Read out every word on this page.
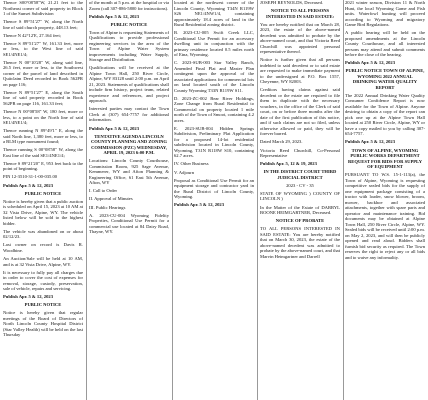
Thence S00°08'58"W, 21.21 feet to the Northeast corner of said property in Block 1 of the Sunset Subdivision

Thence S 89°51'27" W, along the North line of said church property, 448.13 feet;

Thence N 42°12'E, 27.164 feet;

Thence S 89°51'27" W, 161.33 feet, more or less, to the West line of said SE1/4NE1/4;

Thence N 00°10'28" W, along said line, 26.5 feet, more or less, to the Southwest corner of the parcel of land described in Quitclaim Deed recorded in Book 562PR on page 116;

Thence N 89°51'27" E, along the South line of said property recorded in Book 562PR on page 116, 161.33 feet;

Thence N 00°08'58" W, 180 feet, more or less, to a point on the North line of said SE1/4NE1/4;

Thence running N 89°49'1" E, along the said North line, 1,380 feet, more or less, to a BLM type monument found;

Thence running S 00°08'58" W, along the East line of the said SE1/4NE1/4;

Thence S 89°21'20" E, 953 feet back to the point of beginning.

PIN 12-3510-31-1-00-035.00

Publish Apr. 5 & 12, 2023

PUBLIC NOTICE

Notice is hereby given that a public auction is scheduled on April 15, 2023 at 10 AM at 32 Vista Drive, Alpine, WY. The vehicle listed below will be sold to the highest bidder.

The vehicle was abandoned on or about 02/12/23.

Last owner on record is Davis R. Woodbine.

An Auction/Sale will be held at 10 AM, and is at 32 Vista Drive, Alpine, WY.

It is necessary to fully pay all charges due in order to cover the cost of expenses for removal, storage, custody, preservation, sale of vehicle, repairs and servicing.

Publish Apr. 5 & 12, 2023

PUBLIC NOTICE

Notice is hereby given that regular meetings of the Board of Directors of North Lincoln County Hospital District (Star Valley Health) will be held on the last Thursday

of the month at 5 p.m. at the hospital or via Zoom (call 307-886-5800 for instructions).

Publish Apr. 5 & 12, 2023

PUBLIC NOTICE

Town of Alpine is requesting Statements of Qualifications to provide professional engineering services in the area of the Town of Alpine Water System improvements including Water Supply, Storage and Distribution.

Qualifications will be received at the Alpine Town Hall, 250 River Circle, Alpine, WY 83128 until 2:00 p.m. on April 21, 2023. Statements of qualifications shall include firm history, project team, related experience and references, and project approach.

Interested parties may contact the Town Clerk at (307) 654-7757 for additional information.

Publish Apr. 5 & 12, 2023

TENTATIVE AGENDA LINCOLN COUNTY PLANNING AND ZONING COMMISSION (PZC) WEDNESDAY, APRIL 19, 2023 6:00 P.M.

Locations: Lincoln County Courthouse, Commission Room, 925 Sage Avenue, Kemmerer, WY and Afton Planning & Engineering Office, 61 East 5th Avenue, Afton, WY

I. Call to Order

II. Approval of Minutes

III. Public Hearings

A. 2023-CU-004 Wyoming Fidelity Properties, Conditional Use Permit for a commercial use located at 84 Dairy Road, Thayne, WY.

located at the northwest corner of the Lincoln County, Wyoming T34N R119W S26 NE1/4NW1/4, containing approximately 18.4 acres of land in the Rural Residential zoning district.

B. 2023-CU-005 Swift Creek LLC, Conditional Use Permit for an accessory dwelling unit in conjunction with the primary residence located 0.5 miles north of Etna, Wyoming.

C. 2023-SUB-003 Star Valley Ranch, Amended Final Plat and Master Plan contingent upon the approval of the associated applications for commercial lots on land located south of the Lincoln County Wyoming T33N R119W S11.

D. 2023-ZC-002 Bear River Holdings, Zone Change from Rural Residential to Commercial on property located 1 mile north of the Town of Smoot, containing 4.2 acres.

E. 2023-SUB-004 Hidden Springs Subdivision, Preliminary Plat Application for a proposed 14-lot residential subdivision located in Lincoln County, Wyoming, T31N R118W S10, containing 62.7 acres.

IV. Other Business

V. Adjourn

Proposal as Conditional Use Permit for an equipment storage and contractor yard in the Rural District of Lincoln County, Wyoming.

Publish Apr. 5 & 12, 2023

JOSEPH REYNOLDS, Deceased.

NOTICE TO ALL PERSONS INTERESTED IN SAID ESTATE:

You are hereby notified that on March 28, 2023, the estate of the above-named decedent was admitted to probate by the above-named court, and that Victoria Reed Churchill was appointed personal representative thereof.

Notice is further given that all persons indebted to said decedent or to said estate are requested to make immediate payment to the undersigned at P.O. Box 1557, Cheyenne, WY 82003.

Creditors having claims against said decedent or the estate are required to file them in duplicate with the necessary vouchers, in the office of the Clerk of said court, on or before three months after the date of the first publication of this notice, and if such claims are not so filed, unless otherwise allowed or paid, they will be forever barred.

Dated March 29, 2023.

Victoria Reed Churchill, Co-Personal Representative

Publish Apr. 5, 12 & 19, 2023

IN THE DISTRICT COURT THIRD JUDICIAL DISTRICT

2023 - CV - 35

STATE OF WYOMING ) COUNTY OF LINCOLN )

In the Matter of the Estate of DARRYL BOONE HEIMGARTNER, Deceased.

NOTICE OF PROBATE

TO ALL PERSONS INTERESTED IN SAID ESTATE: You are hereby notified that on March 30, 2023, the estate of the above-named decedent was admitted to probate by the above-named court, and that Marvin Heimgartner and Darrell

2021 winter season, Division 11 & North Hunt, the local Wyoming Game and Fish units. Waterfowl hunting will proceed according to Wyoming and migratory Game Bird Regulations.

A public hearing will be held on the proposed amendments at the Lincoln County Courthouse, and all interested persons may attend and submit comments before the close of the hearing.

Publish Apr. 5 & 12, 2023

PUBLIC NOTICE TOWN OF ALPINE, WYOMING 2022 ANNUAL DRINKING WATER QUALITY REPORT

The 2022 Annual Drinking Water Quality Consumer Confidence Report is now available for the Town of Alpine. Anyone desiring to obtain a copy of the report can pick one up at the Alpine Town Hall located at 250 River Circle, Alpine, WY or have a copy mailed to you by calling 307-654-7757.

Publish Apr. 5 & 12, 2023

TOWN OF ALPINE, WYOMING PUBLIC WORKS DEPARTMENT REQUEST FOR BIDS FOR SUPPLY OF EQUIPMENT

PURSUANT TO W.S. 15-1-113(a), the Town of Alpine, Wyoming is requesting competitive sealed bids for the supply of one equipment package consisting of a tractor with loader, snow blower, broom, mower, backhoe and associated attachments, together with spare parts and operator and maintenance training. Bid documents may be obtained at Alpine Town Hall, 250 River Circle, Alpine, WY. Sealed bids will be received until 2:00 p.m. on May 2, 2023, and will then be publicly opened and read aloud. Bidders shall furnish bid security as required. The Town reserves the right to reject any or all bids and to waive any informality.
